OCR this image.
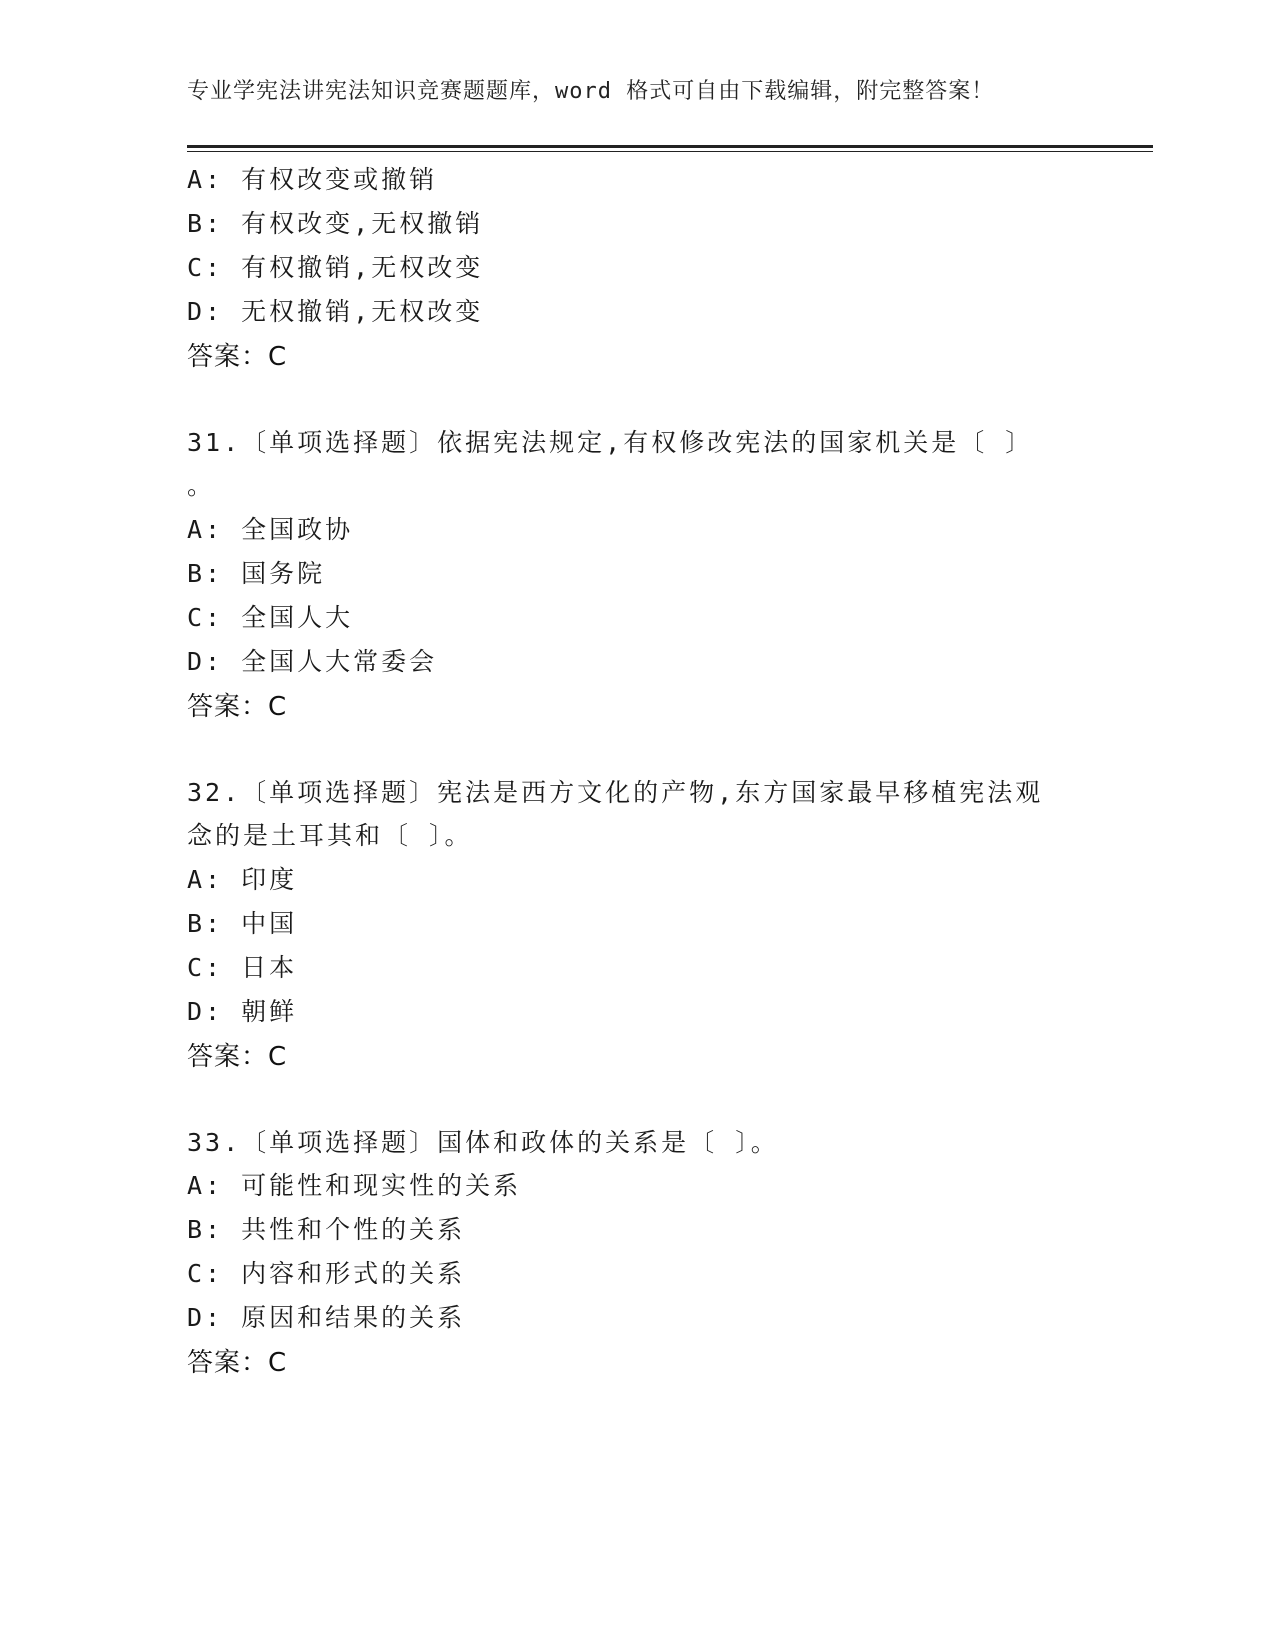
专业学宪法讲宪法知识竞赛题题库，word 格式可自由下载编辑，附完整答案！
A: 有权改变或撤销
B: 有权改变,无权撤销
C: 有权撤销,无权改变
D: 无权撤销,无权改变
答案：C
31.〔单项选择题〕依据宪法规定,有权修改宪法的国家机关是〔 〕
。
A: 全国政协
B: 国务院
C: 全国人大
D: 全国人大常委会
答案：C
32.〔单项选择题〕宪法是西方文化的产物,东方国家最早移植宪法观
念的是土耳其和〔 〕。
A: 印度
B: 中国
C: 日本
D: 朝鲜
答案：C
33.〔单项选择题〕国体和政体的关系是〔 〕。
A: 可能性和现实性的关系
B: 共性和个性的关系
C: 内容和形式的关系
D: 原因和结果的关系
答案：C
